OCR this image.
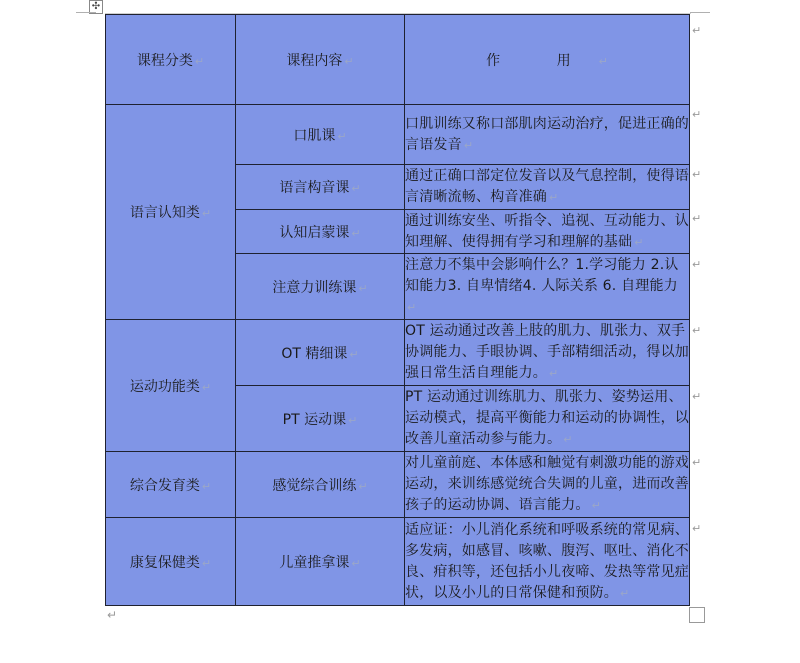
✣
课程分类 ↵	课程内容 ↵	作 用 ↵
语言认知类 ↵	口肌课 ↵	口肌训练又称口部肌肉运动治疗，促进正确的言语发音 ↵
	语言构音课 ↵	通过正确口部定位发音以及气息控制，使得语言清晰流畅、构音准确 ↵
	认知启蒙课 ↵	通过训练安坐、听指令、追视、互动能力、认知理解、使得拥有学习和理解的基础 ↵
	注意力训练课 ↵	注意力不集中会影响什么？1.学习能力 2.认知能力3. 自卑情绪4. 人际关系 6. 自理能力↵
运动功能类 ↵	OT 精细课 ↵	OT 运动通过改善上肢的肌力、肌张力、双手协调能力、手眼协调、手部精细活动，得以加强日常生活自理能力。 ↵
	PT 运动课 ↵	PT 运动通过训练肌力、肌张力、姿势运用、运动模式，提高平衡能力和运动的协调性，以改善儿童活动参与能力。 ↵
综合发育类 ↵	感觉综合训练 ↵	对儿童前庭、本体感和触觉有刺激功能的游戏运动，来训练感觉统合失调的儿童，进而改善孩子的运动协调、语言能力。 ↵
康复保健类 ↵	儿童推拿课 ↵	适应证：小儿消化系统和呼吸系统的常见病、多发病，如感冒、咳嗽、腹泻、呕吐、消化不良、疳积等，还包括小儿夜啼、发热等常见症状，以及小儿的日常保健和预防。 ↵
↵
↵
↵
↵
↵
↵
↵
↵
↵
↵
